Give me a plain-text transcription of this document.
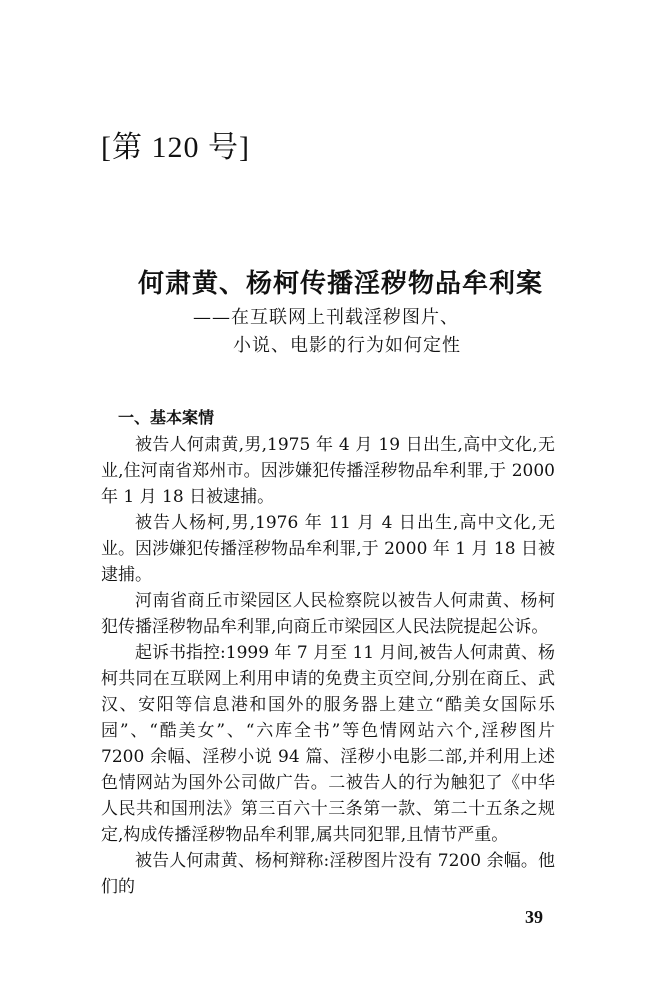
[第 120 号]
何肃黄、杨柯传播淫秽物品牟利案
——在互联网上刊载淫秽图片、
小说、电影的行为如何定性
一、基本案情

被告人何肃黄,男,1975 年 4 月 19 日出生,高中文化,无业,住河南省郑州市。因涉嫌犯传播淫秽物品牟利罪,于 2000 年 1 月 18 日被逮捕。

被告人杨柯,男,1976 年 11 月 4 日出生,高中文化,无业。因涉嫌犯传播淫秽物品牟利罪,于 2000 年 1 月 18 日被逮捕。

河南省商丘市梁园区人民检察院以被告人何肃黄、杨柯犯传播淫秽物品牟利罪,向商丘市梁园区人民法院提起公诉。

起诉书指控:1999 年 7 月至 11 月间,被告人何肃黄、杨柯共同在互联网上利用申请的免费主页空间,分别在商丘、武汉、安阳等信息港和国外的服务器上建立“酷美女国际乐园”、“酷美女”、“六库全书”等色情网站六个,淫秽图片 7200 余幅、淫秽小说 94 篇、淫秽小电影二部,并利用上述色情网站为国外公司做广告。二被告人的行为触犯了《中华人民共和国刑法》第三百六十三条第一款、第二十五条之规定,构成传播淫秽物品牟利罪,属共同犯罪,且情节严重。

被告人何肃黄、杨柯辩称:淫秽图片没有 7200 余幅。他们的

39
